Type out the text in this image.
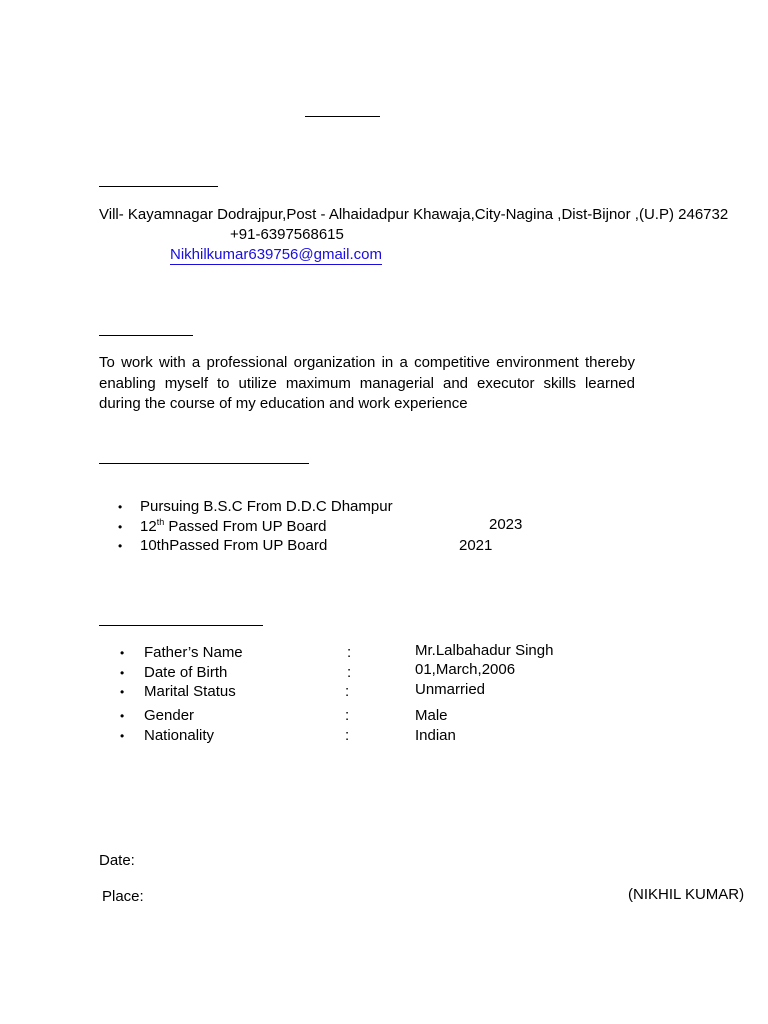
Vill- Kayamnagar Dodrajpur,Post - Alhaidadpur Khawaja,City-Nagina ,Dist-Bijnor ,(U.P) 246732
+91-6397568615
Nikhilkumar639756@gmail.com
To work with a professional organization in a competitive environment thereby enabling myself to utilize maximum managerial and executor skills learned during the course of my education and work experience
• Pursuing B.S.C From D.D.C Dhampur
• 12th Passed From UP Board	2023
• 10thPassed From UP Board	2021
• Father’s Name	:	Mr.Lalbahadur Singh
• Date of Birth	:	01,March,2006
• Marital Status	:	Unmarried
• Gender	:	Male
• Nationality	:	Indian
Date:
Place:	(NIKHIL KUMAR)
